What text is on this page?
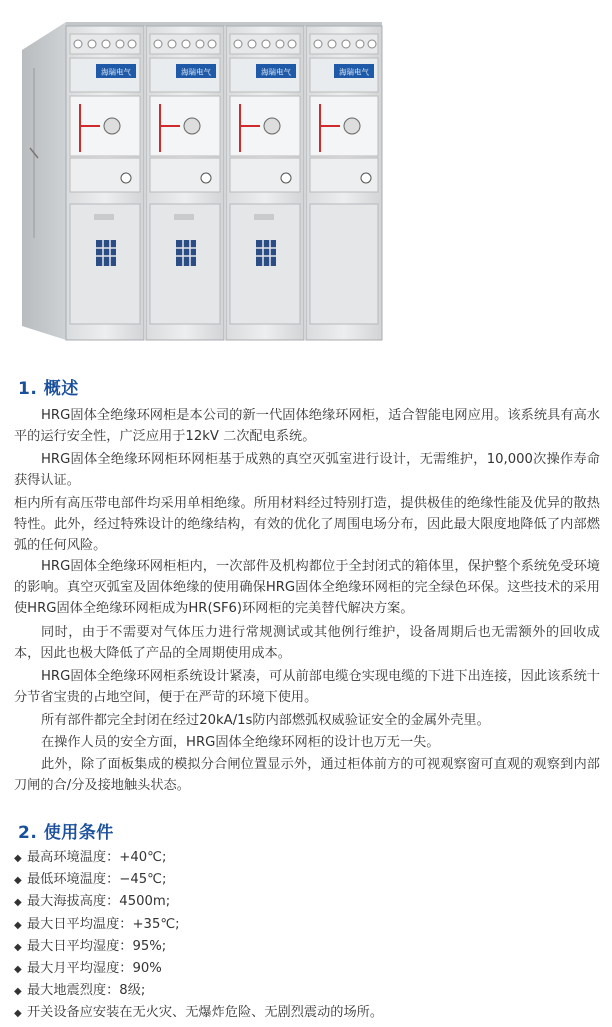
海瑞电气	海瑞电气	海瑞电气	海瑞电气
1. 概述

HRG固体全绝缘环网柜是本公司的新一代固体绝缘环网柜，适合智能电网应用。该系统具有高水平的运行安全性，广泛应用于12kV 二次配电系统。

HRG固体全绝缘环网柜环网柜基于成熟的真空灭弧室进行设计，无需维护，10,000次操作寿命获得认证。

柜内所有高压带电部件均采用单相绝缘。所用材料经过特别打造，提供极佳的绝缘性能及优异的散热特性。此外，经过特殊设计的绝缘结构，有效的优化了周围电场分布，因此最大限度地降低了内部燃弧的任何风险。

HRG固体全绝缘环网柜柜内，一次部件及机构都位于全封闭式的箱体里，保护整个系统免受环境的影响。真空灭弧室及固体绝缘的使用确保HRG固体全绝缘环网柜的完全绿色环保。这些技术的采用使HRG固体全绝缘环网柜成为HR(SF6)环网柜的完美替代解决方案。

同时，由于不需要对气体压力进行常规测试或其他例行维护，设备周期后也无需额外的回收成本，因此也极大降低了产品的全周期使用成本。

HRG固体全绝缘环网柜系统设计紧凑，可从前部电缆仓实现电缆的下进下出连接，因此该系统十分节省宝贵的占地空间，便于在严苛的环境下使用。

所有部件都完全封闭在经过20kA/1s防内部燃弧权威验证安全的金属外壳里。

在操作人员的安全方面，HRG固体全绝缘环网柜的设计也万无一失。

此外，除了面板集成的模拟分合闸位置显示外，通过柜体前方的可视观察窗可直观的观察到内部刀闸的合/分及接地触头状态。

2. 使用条件
◆ 最高环境温度：+40℃;
◆ 最低环境温度：−45℃;
◆ 最大海拔高度：4500m;
◆ 最大日平均温度：+35℃;
◆ 最大日平均湿度：95%;
◆ 最大月平均湿度：90%
◆ 最大地震烈度：8级;
◆ 开关设备应安装在无火灾、无爆炸危险、无剧烈震动的场所。
